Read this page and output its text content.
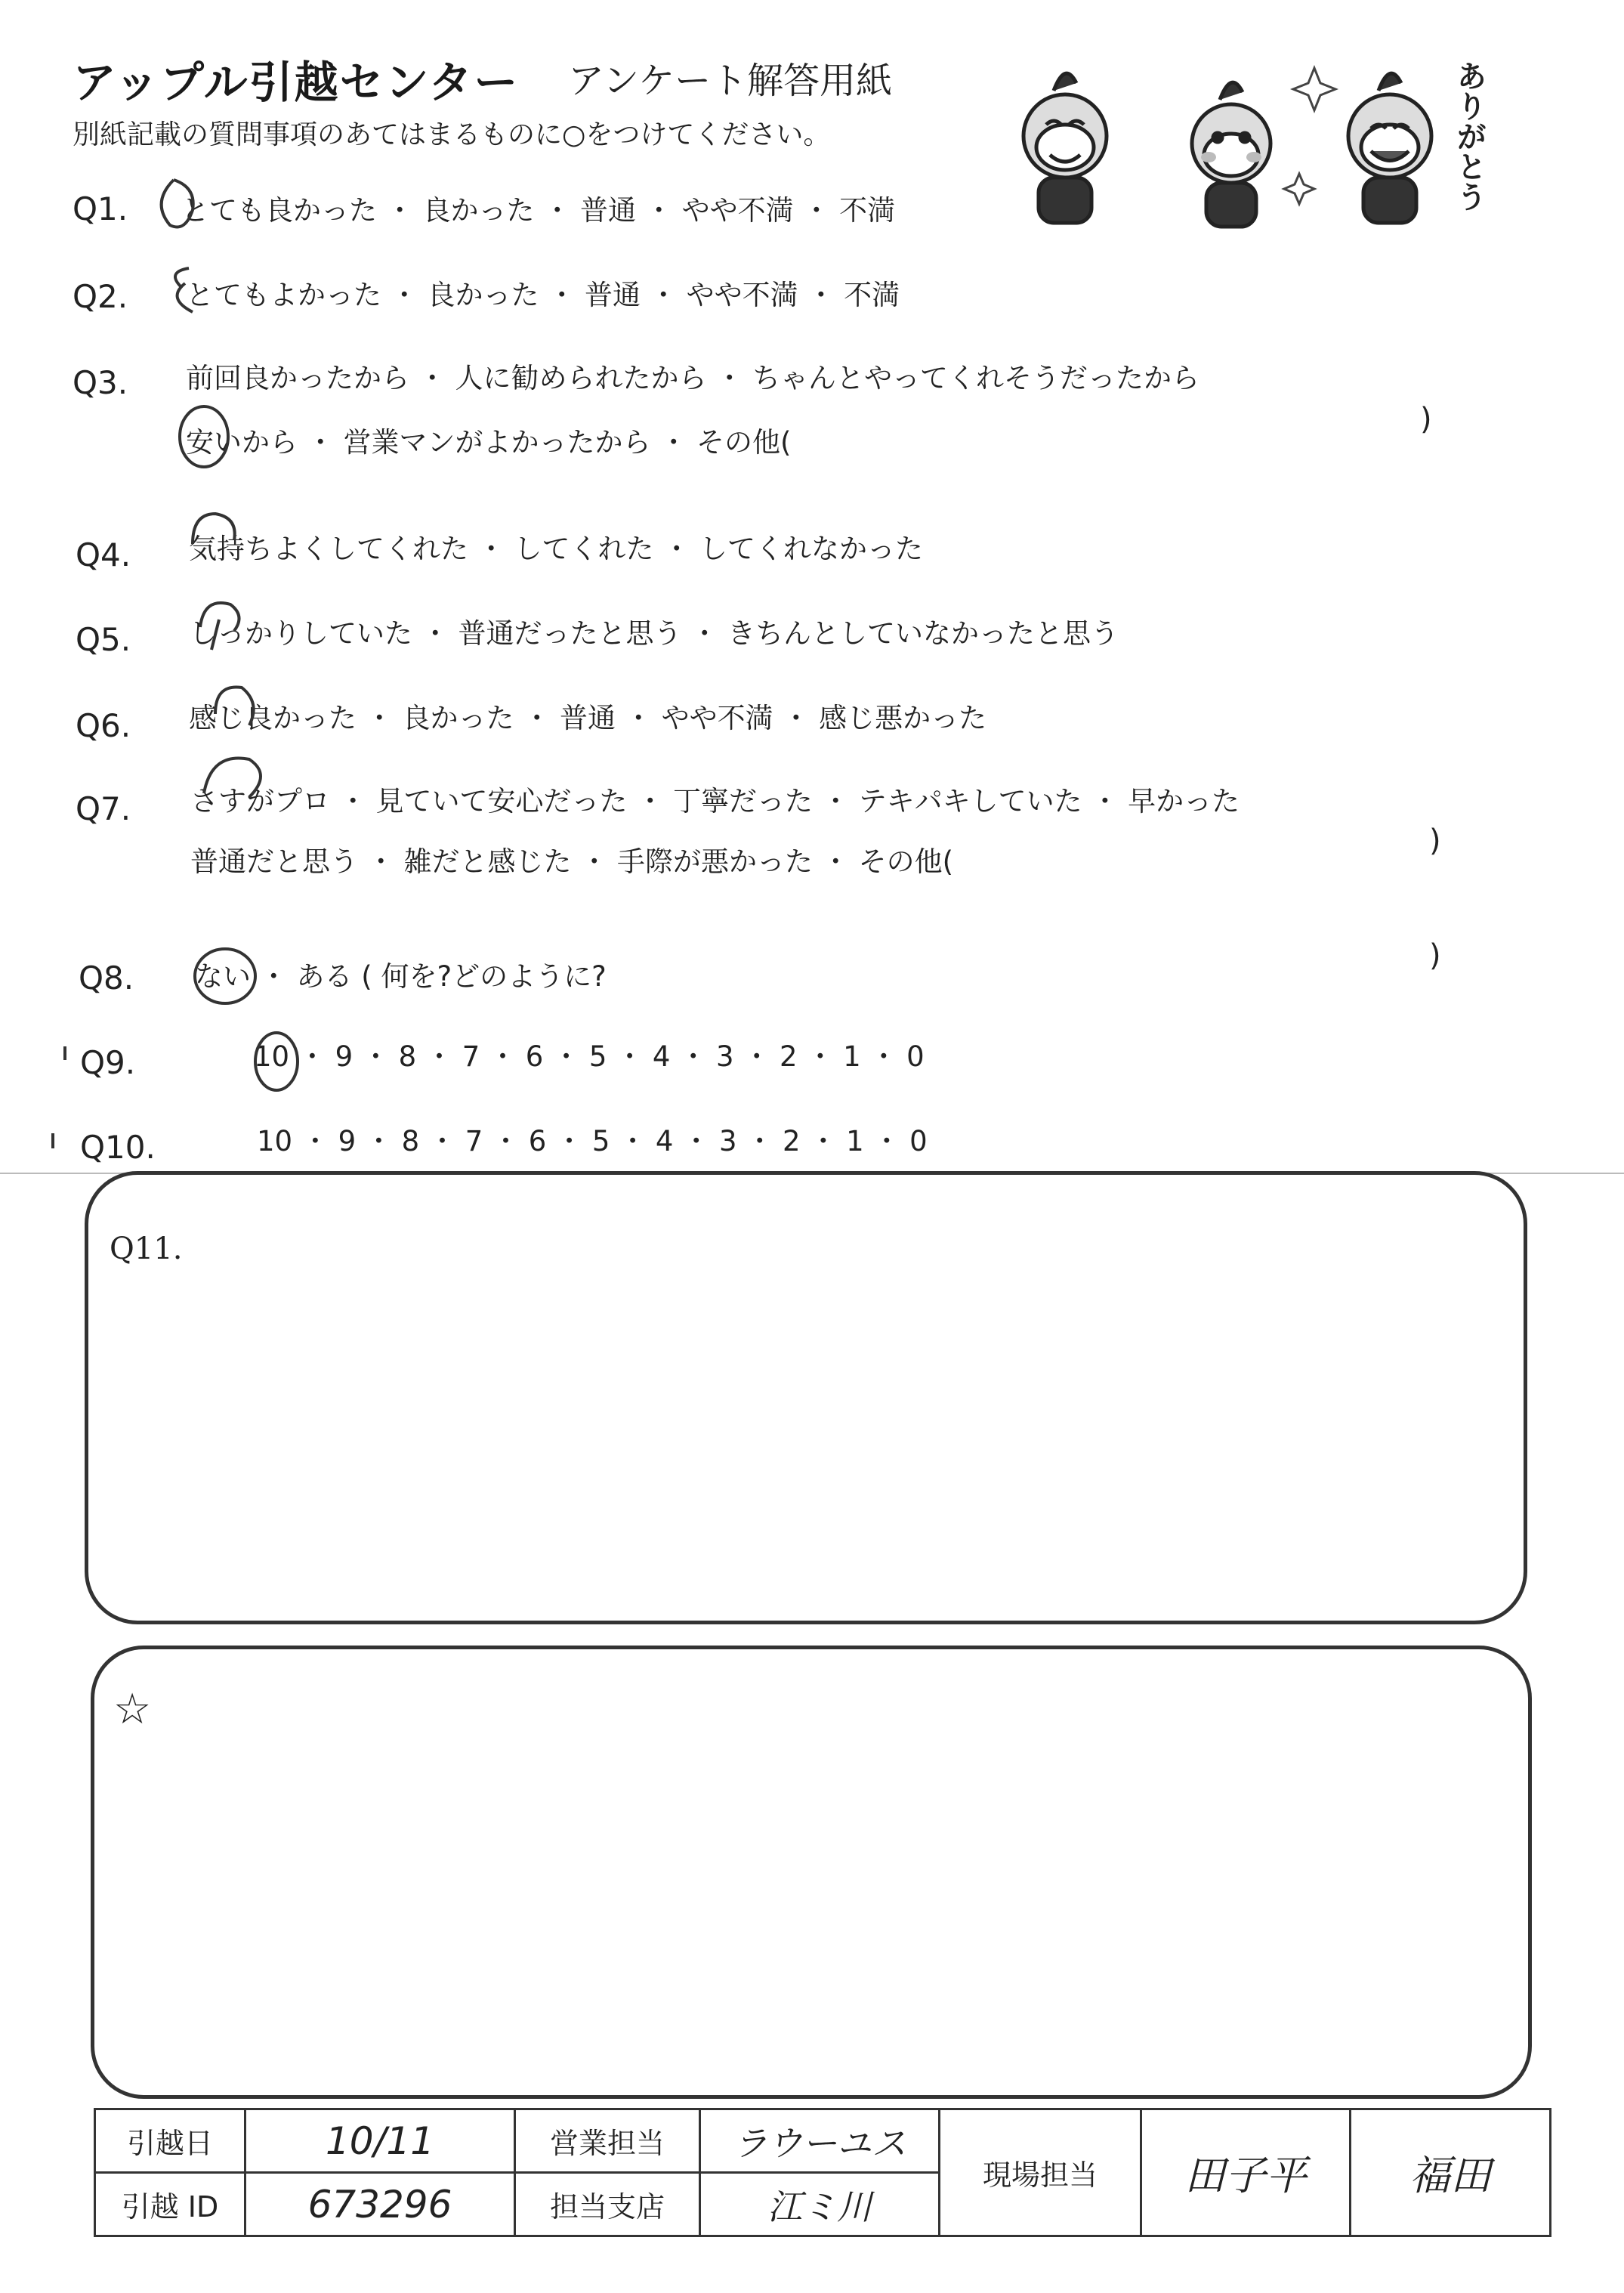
アップル引越センター アンケート解答用紙
別紙記載の質問事項のあてはまるものに○をつけてください。	ありがとう
Q1. とても良かった ・ 良かった ・ 普通 ・ やや不満 ・ 不満
Q2. とてもよかった ・ 良かった ・ 普通 ・ やや不満 ・ 不満
Q3. 前回良かったから ・ 人に勧められたから ・ ちゃんとやってくれそうだったから
安いから ・ 営業マンがよかったから ・ その他(
)
Q4. 気持ちよくしてくれた ・ してくれた ・ してくれなかった
Q5. しっかりしていた ・ 普通だったと思う ・ きちんとしていなかったと思う
Q6. 感じ良かった ・ 良かった ・ 普通 ・ やや不満 ・ 感じ悪かった
Q7. さすがプロ ・ 見ていて安心だった ・ 丁寧だった ・ テキパキしていた ・ 早かった
普通だと思う ・ 雑だと感じた ・ 手際が悪かった ・ その他(
)
Q8. ない ・ ある ( 何を?どのように?
)
Q9.	10 ・ 9 ・ 8 ・ 7 ・ 6 ・ 5 ・ 4 ・ 3 ・ 2 ・ 1 ・ 0
Q10.	10 ・ 9 ・ 8 ・ 7 ・ 6 ・ 5 ・ 4 ・ 3 ・ 2 ・ 1 ・ 0
Q11.
☆
引越日	10/11	営業担当	ラウーユス	現場担当	田子平	福田
引越 ID	673296	担当支店	江ミ川			
